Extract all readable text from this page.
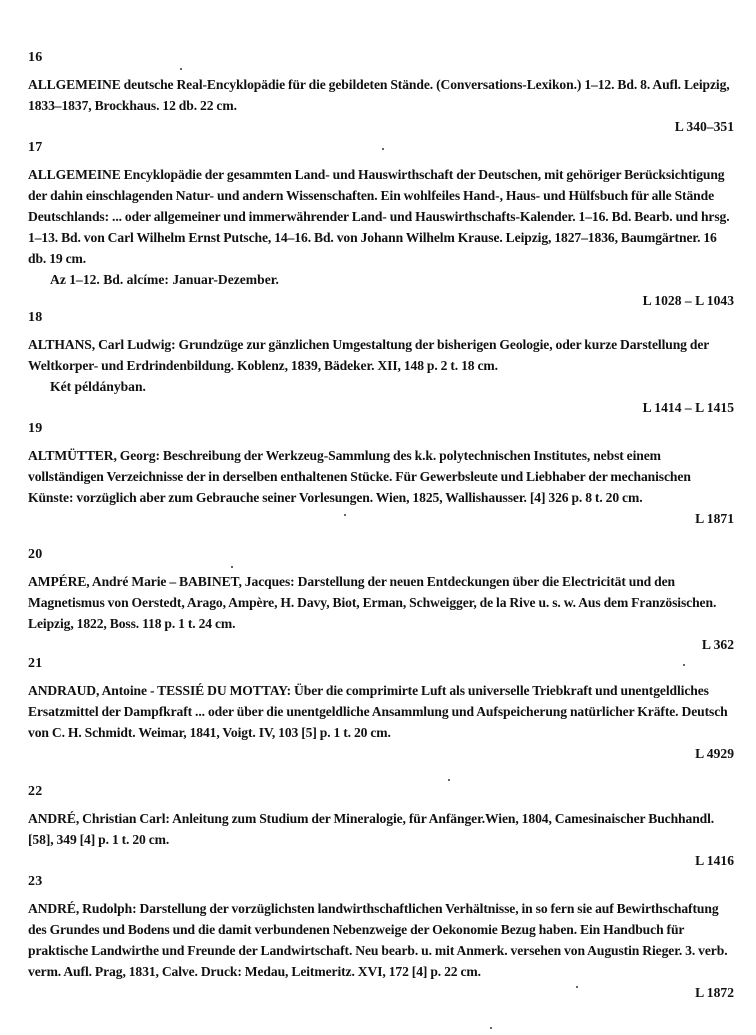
16
ALLGEMEINE deutsche Real-Encyklopädie für die gebildeten Stände. (Conversations-Lexikon.) 1–12. Bd. 8. Aufl. Leipzig, 1833–1837, Brockhaus. 12 db. 22 cm.
L 340–351
17
ALLGEMEINE Encyklopädie der gesammten Land- und Hauswirthschaft der Deutschen, mit gehöriger Berücksichtigung der dahin einschlagenden Natur- und andern Wissenschaften. Ein wohlfeiles Hand-, Haus- und Hülfsbuch für alle Stände Deutschlands: ... oder allgemeiner und immerwährender Land- und Hauswirthschafts-Kalender. 1–16. Bd. Bearb. und hrsg. 1–13. Bd. von Carl Wilhelm Ernst Putsche, 14–16. Bd. von Johann Wilhelm Krause. Leipzig, 1827–1836, Baumgärtner. 16 db. 19 cm.
Az 1–12. Bd. alcíme: Januar-Dezember.
L 1028 – L 1043
18
ALTHANS, Carl Ludwig: Grundzüge zur gänzlichen Umgestaltung der bisherigen Geologie, oder kurze Darstellung der Weltkorper- und Erdrindenbildung. Koblenz, 1839, Bädeker. XII, 148 p. 2 t. 18 cm.
Két példányban.
L 1414 – L 1415
19
ALTMÜTTER, Georg: Beschreibung der Werkzeug-Sammlung des k.k. polytechnischen Institutes, nebst einem vollständigen Verzeichnisse der in derselben enthaltenen Stücke. Für Gewerbsleute und Liebhaber der mechanischen Künste: vorzüglich aber zum Gebrauche seiner Vorlesungen. Wien, 1825, Wallishausser. [4] 326 p. 8 t. 20 cm.
L 1871
20
AMPÉRE, André Marie – BABINET, Jacques: Darstellung der neuen Entdeckungen über die Electricität und den Magnetismus von Oerstedt, Arago, Ampère, H. Davy, Biot, Erman, Schweigger, de la Rive u. s. w. Aus dem Französischen. Leipzig, 1822, Boss. 118 p. 1 t. 24 cm.
L 362
21
ANDRAUD, Antoine - TESSIÉ DU MOTTAY: Über die comprimirte Luft als universelle Triebkraft und unentgeldliches Ersatzmittel der Dampfkraft ... oder über die unentgeldliche Ansammlung und Aufspeicherung natürlicher Kräfte. Deutsch von C. H. Schmidt. Weimar, 1841, Voigt. IV, 103 [5] p. 1 t. 20 cm.
L 4929
22
ANDRÉ, Christian Carl: Anleitung zum Studium der Mineralogie, für Anfänger.Wien, 1804, Camesinaischer Buchhandl.[58], 349 [4] p. 1 t. 20 cm.
L 1416
23
ANDRÉ, Rudolph: Darstellung der vorzüglichsten landwirthschaftlichen Verhältnisse, in so fern sie auf Bewirthschaftung des Grundes und Bodens und die damit verbundenen Nebenzweige der Oekonomie Bezug haben. Ein Handbuch für praktische Landwirthe und Freunde der Landwirtschaft. Neu bearb. u. mit Anmerk. versehen von Augustin Rieger. 3. verb. verm. Aufl. Prag, 1831, Calve. Druck: Medau, Leitmeritz. XVI, 172 [4] p. 22 cm.
L 1872
